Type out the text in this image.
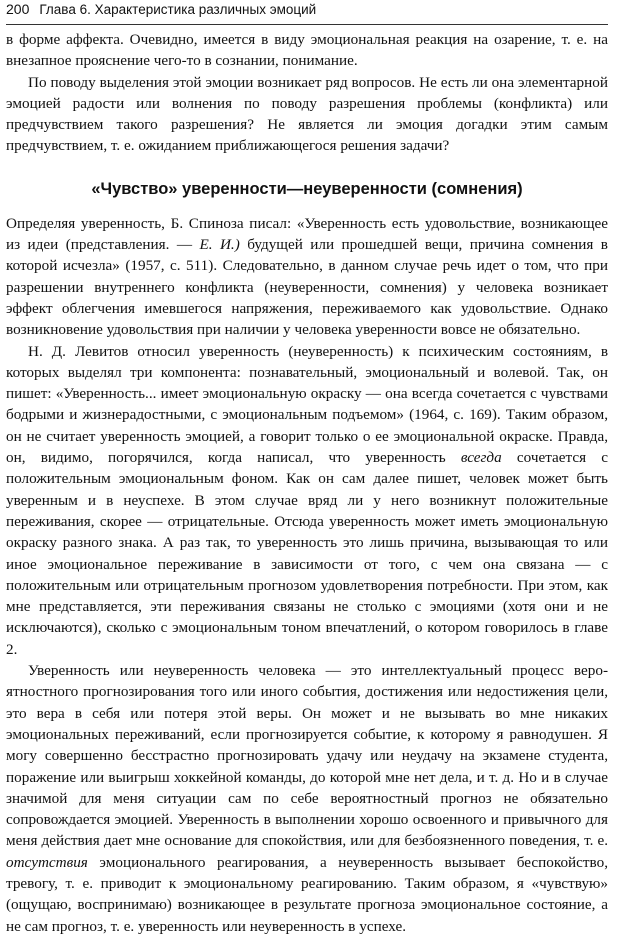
200 Глава 6. Характеристика различных эмоций

в форме аффекта. Очевидно, имеется в виду эмоциональная реакция на озарение, т. е. на внезапное прояснение чего-то в сознании, понимание.

По поводу выделения этой эмоции возникает ряд вопросов. Не есть ли она элементарной эмоцией радости или волнения по поводу разрешения проблемы (конфликта) или предчувствием такого разрешения? Не является ли эмоция догадки этим самым предчувствием, т. е. ожиданием приближающегося решения задачи?

«Чувство» уверенности—неуверенности (сомнения)

Определяя уверенность, Б. Спиноза писал: «Уверенность есть удовольствие, возникающее из идеи (представления. — Е. И.) будущей или прошедшей вещи, причина сомнения в которой исчезла» (1957, с. 511). Следовательно, в данном случае речь идет о том, что при разрешении внутреннего конфликта (неуверенности, сомнения) у человека возникает эффект облегчения имевшегося напряжения, переживаемого как удовольствие. Однако возникновение удовольствия при наличии у человека уверенности вовсе не обязательно.

Н. Д. Левитов относил уверенность (неуверенность) к психическим состояниям, в которых выделял три компонента: познавательный, эмоциональный и волевой. Так, он пишет: «Уверенность... имеет эмоциональную окраску — она всегда сочетается с чувствами бодрыми и жизнерадостными, с эмоциональным подъемом» (1964, с. 169). Таким образом, он не считает уверенность эмоцией, а говорит только о ее эмоциональной окраске. Правда, он, видимо, погорячился, когда написал, что уверенность всегда сочетается с положительным эмоциональным фоном. Как он сам далее пишет, человек может быть уверенным и в неуспехе. В этом случае вряд ли у него возникнут положительные переживания, скорее — отрицательные. Отсюда уверенность может иметь эмоциональную окраску разного знака. А раз так, то уверенность это лишь причина, вызывающая то или иное эмоциональное переживание в зависимости от того, с чем она связана — с положительным или отрицательным прогнозом удовлетворения потребности. При этом, как мне представляется, эти переживания связаны не столько с эмоциями (хотя они и не исключаются), сколько с эмоциональным тоном впечатлений, о котором говорилось в главе 2.

Уверенность или неуверенность человека — это интеллектуальный процесс вероятностного прогнозирования того или иного события, достижения или недостижения цели, это вера в себя или потеря этой веры. Он может и не вызывать во мне никаких эмоциональных переживаний, если прогнозируется событие, к которому я равнодушен. Я могу совершенно бесстрастно прогнозировать удачу или неудачу на экзамене студента, поражение или выигрыш хоккейной команды, до которой мне нет дела, и т. д. Но и в случае значимой для меня ситуации сам по себе вероятностный прогноз не обязательно сопровождается эмоцией. Уверенность в выполнении хорошо освоенного и привычного для меня действия дает мне основание для спокойствия, или для безбоязненного поведения, т. е. отсутствия эмоционального реагирования, а неуверенность вызывает беспокойство, тревогу, т. е. приводит к эмоциональному реагированию. Таким образом, я «чувствую» (ощущаю, воспринимаю) возникающее в результате прогноза эмоциональное состояние, а не сам прогноз, т. е. уверенность или неуверенность в успехе.
